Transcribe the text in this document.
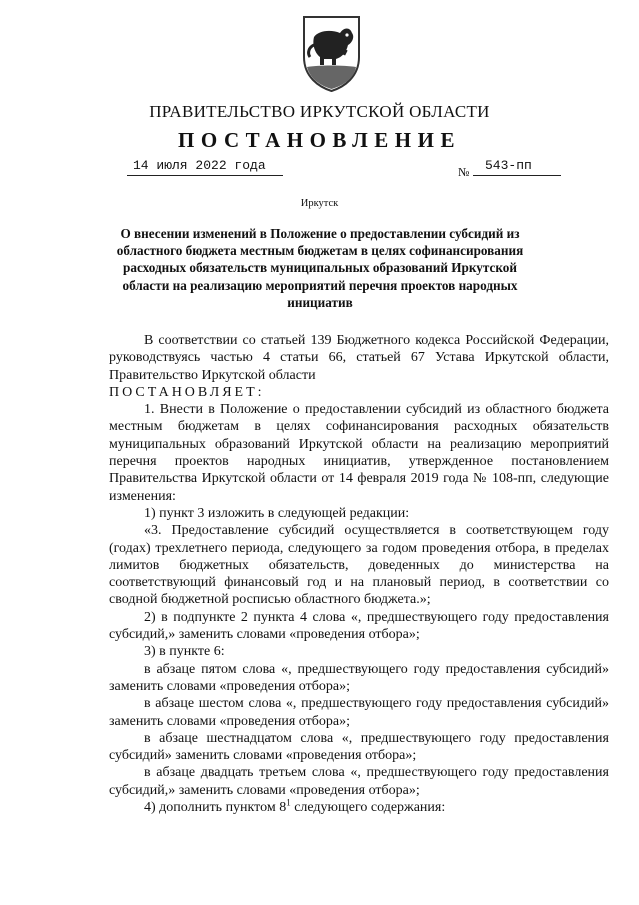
ПРАВИТЕЛЬСТВО ИРКУТСКОЙ ОБЛАСТИ
ПОСТАНОВЛЕНИЕ
14 июля 2022 года	№	543-пп
Иркутск
О внесении изменений в Положение о предоставлении субсидий из областного бюджета местным бюджетам в целях софинансирования расходных обязательств муниципальных образований Иркутской области на реализацию мероприятий перечня проектов народных инициатив

В соответствии со статьей 139 Бюджетного кодекса Российской Федерации, руководствуясь частью 4 статьи 66, статьей 67 Устава Иркутской области, Правительство Иркутской области

ПОСТАНОВЛЯЕТ:

1. Внести в Положение о предоставлении субсидий из областного бюджета местным бюджетам в целях софинансирования расходных обязательств муниципальных образований Иркутской области на реализацию мероприятий перечня проектов народных инициатив, утвержденное постановлением Правительства Иркутской области от 14 февраля 2019 года № 108-пп, следующие изменения:

1) пункт 3 изложить в следующей редакции:

«3. Предоставление субсидий осуществляется в соответствующем году (годах) трехлетнего периода, следующего за годом проведения отбора, в пределах лимитов бюджетных обязательств, доведенных до министерства на соответствующий финансовый год и на плановый период, в соответствии со сводной бюджетной росписью областного бюджета.»;

2) в подпункте 2 пункта 4 слова «, предшествующего году предоставления субсидий,» заменить словами «проведения отбора»;

3) в пункте 6:

в абзаце пятом слова «, предшествующего году предоставления субсидий» заменить словами «проведения отбора»;

в абзаце шестом слова «, предшествующего году предоставления субсидий» заменить словами «проведения отбора»;

в абзаце шестнадцатом слова «, предшествующего году предоставления субсидий» заменить словами «проведения отбора»;

в абзаце двадцать третьем слова «, предшествующего году предоставления субсидий,» заменить словами «проведения отбора»;

4) дополнить пунктом $8^1$ следующего содержания:
